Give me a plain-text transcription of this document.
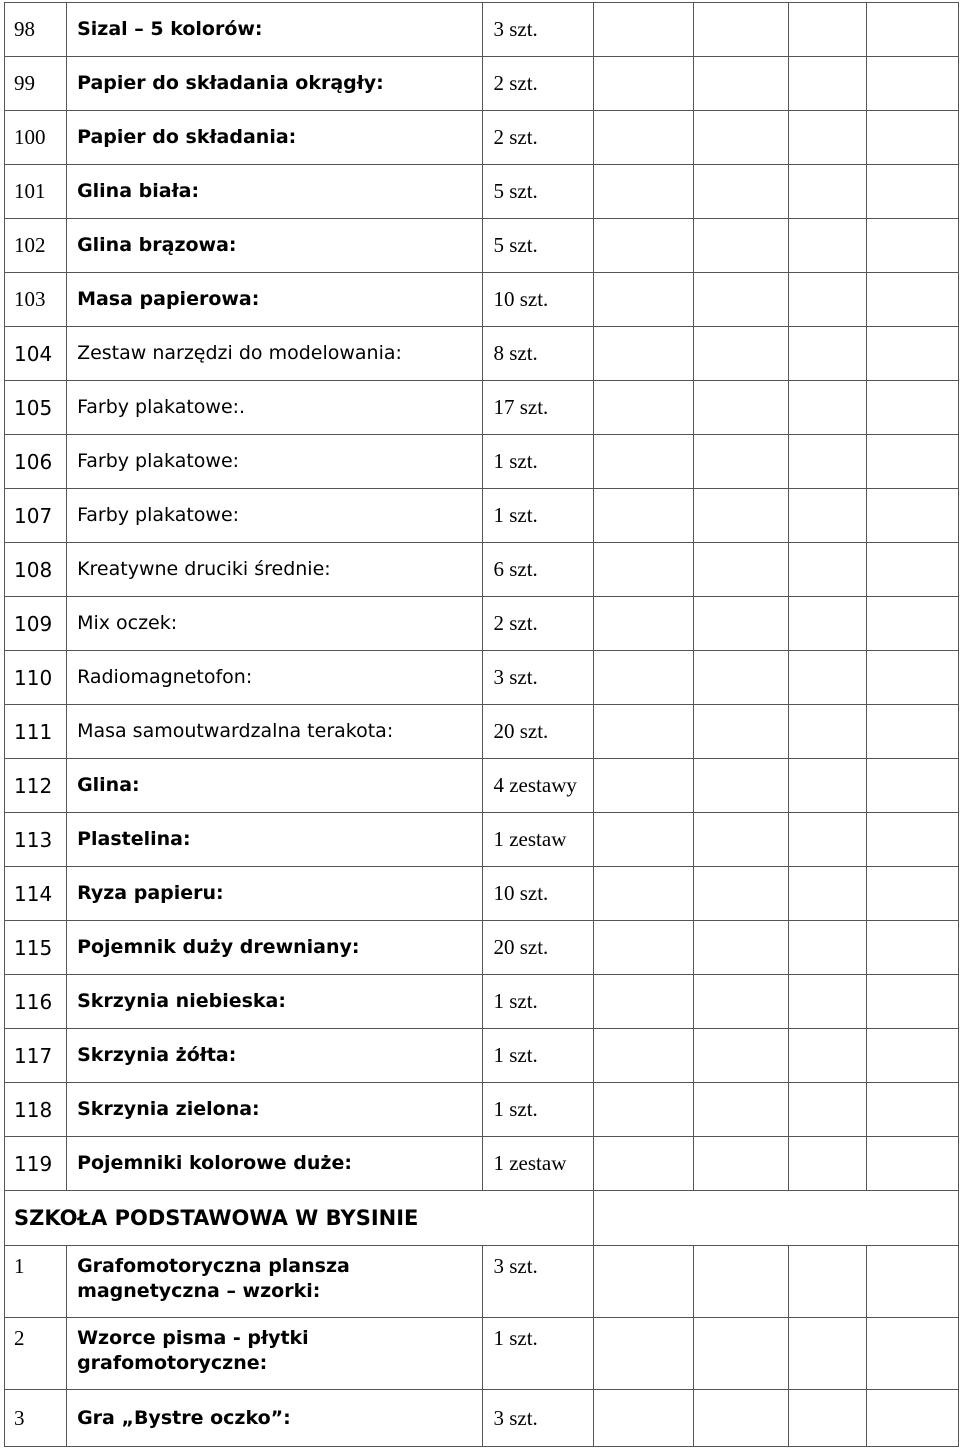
98	Sizal – 5 kolorów:	3 szt.				
99	Papier do składania okrągły:	2 szt.				
100	Papier do składania:	2 szt.				
101	Glina biała:	5 szt.				
102	Glina brązowa:	5 szt.				
103	Masa papierowa:	10 szt.				
104	Zestaw narzędzi do modelowania:	8 szt.				
105	Farby plakatowe:.	17 szt.				
106	Farby plakatowe:	1 szt.				
107	Farby plakatowe:	1 szt.				
108	Kreatywne druciki średnie:	6 szt.				
109	Mix oczek:	2 szt.				
110	Radiomagnetofon:	3 szt.				
111	Masa samoutwardzalna terakota:	20 szt.				
112	Glina:	4 zestawy				
113	Plastelina:	1 zestaw				
114	Ryza papieru:	10 szt.				
115	Pojemnik duży drewniany:	20 szt.				
116	Skrzynia niebieska:	1 szt.				
117	Skrzynia żółta:	1 szt.				
118	Skrzynia zielona:	1 szt.				
119	Pojemniki kolorowe duże:	1 zestaw				
SZKOŁA PODSTAWOWA W BYSINIE						
1	Grafomotoryczna plansza magnetyczna – wzorki:	3 szt.				
2	Wzorce pisma - płytki grafomotoryczne:	1 szt.				
3	Gra „Bystre oczko”:	3 szt.				
